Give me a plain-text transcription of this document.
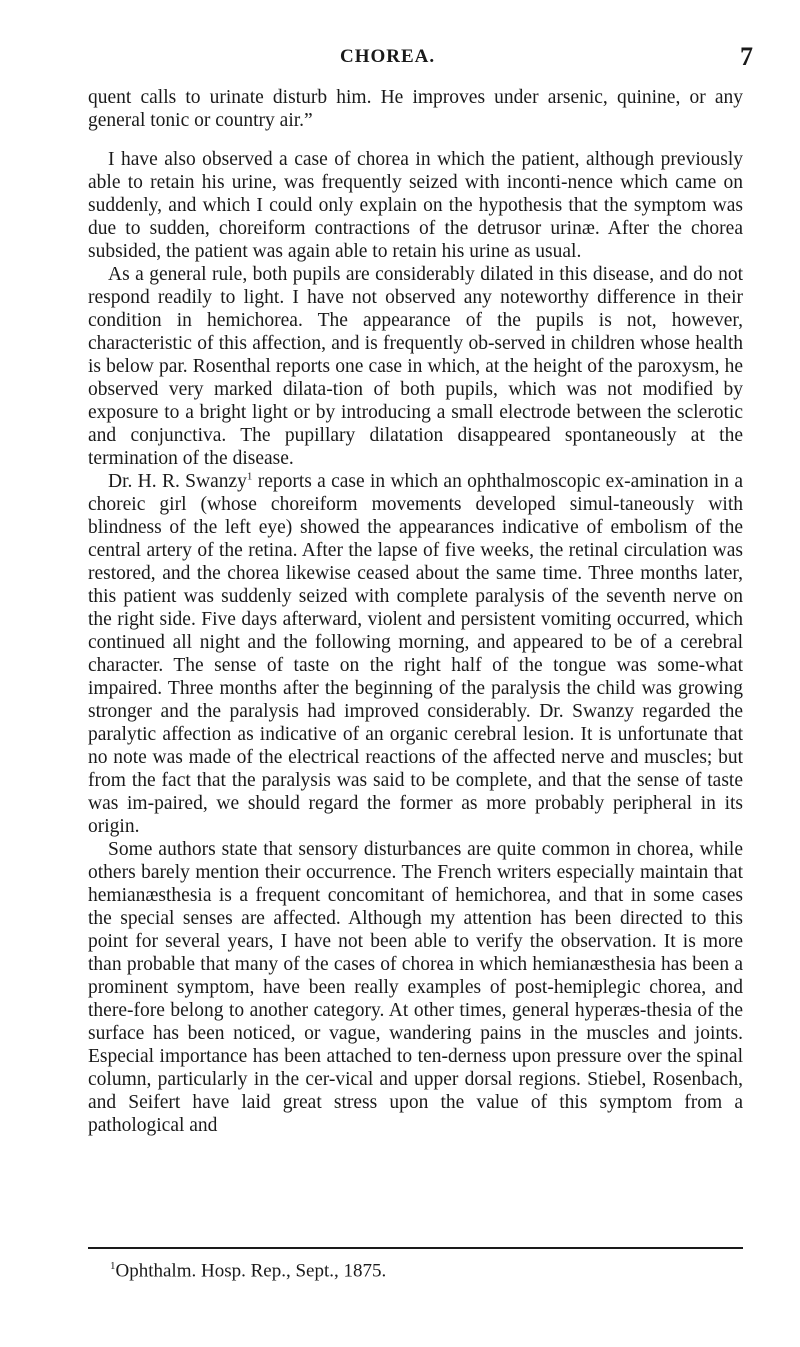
CHOREA.	7

quent calls to urinate disturb him. He improves under arsenic, quinine, or any general tonic or country air.”

I have also observed a case of chorea in which the patient, although previously able to retain his urine, was frequently seized with inconti-nence which came on suddenly, and which I could only explain on the hypothesis that the symptom was due to sudden, choreiform contractions of the detrusor urinæ. After the chorea subsided, the patient was again able to retain his urine as usual.

As a general rule, both pupils are considerably dilated in this disease, and do not respond readily to light. I have not observed any noteworthy difference in their condition in hemichorea. The appearance of the pupils is not, however, characteristic of this affection, and is frequently ob-served in children whose health is below par. Rosenthal reports one case in which, at the height of the paroxysm, he observed very marked dilata-tion of both pupils, which was not modified by exposure to a bright light or by introducing a small electrode between the sclerotic and conjunctiva. The pupillary dilatation disappeared spontaneously at the termination of the disease.

Dr. H. R. Swanzy$^1$ reports a case in which an ophthalmoscopic ex-amination in a choreic girl (whose choreiform movements developed simul-taneously with blindness of the left eye) showed the appearances indicative of embolism of the central artery of the retina. After the lapse of five weeks, the retinal circulation was restored, and the chorea likewise ceased about the same time. Three months later, this patient was suddenly seized with complete paralysis of the seventh nerve on the right side. Five days afterward, violent and persistent vomiting occurred, which continued all night and the following morning, and appeared to be of a cerebral character. The sense of taste on the right half of the tongue was some-what impaired. Three months after the beginning of the paralysis the child was growing stronger and the paralysis had improved considerably. Dr. Swanzy regarded the paralytic affection as indicative of an organic cerebral lesion. It is unfortunate that no note was made of the electrical reactions of the affected nerve and muscles; but from the fact that the paralysis was said to be complete, and that the sense of taste was im-paired, we should regard the former as more probably peripheral in its origin.

Some authors state that sensory disturbances are quite common in chorea, while others barely mention their occurrence. The French writers especially maintain that hemianæsthesia is a frequent concomitant of hemichorea, and that in some cases the special senses are affected. Although my attention has been directed to this point for several years, I have not been able to verify the observation. It is more than probable that many of the cases of chorea in which hemianæsthesia has been a prominent symptom, have been really examples of post-hemiplegic chorea, and there-fore belong to another category. At other times, general hyperæs-thesia of the surface has been noticed, or vague, wandering pains in the muscles and joints. Especial importance has been attached to ten-derness upon pressure over the spinal column, particularly in the cer-vical and upper dorsal regions. Stiebel, Rosenbach, and Seifert have laid great stress upon the value of this symptom from a pathological and

$^1$Ophthalm. Hosp. Rep., Sept., 1875.
